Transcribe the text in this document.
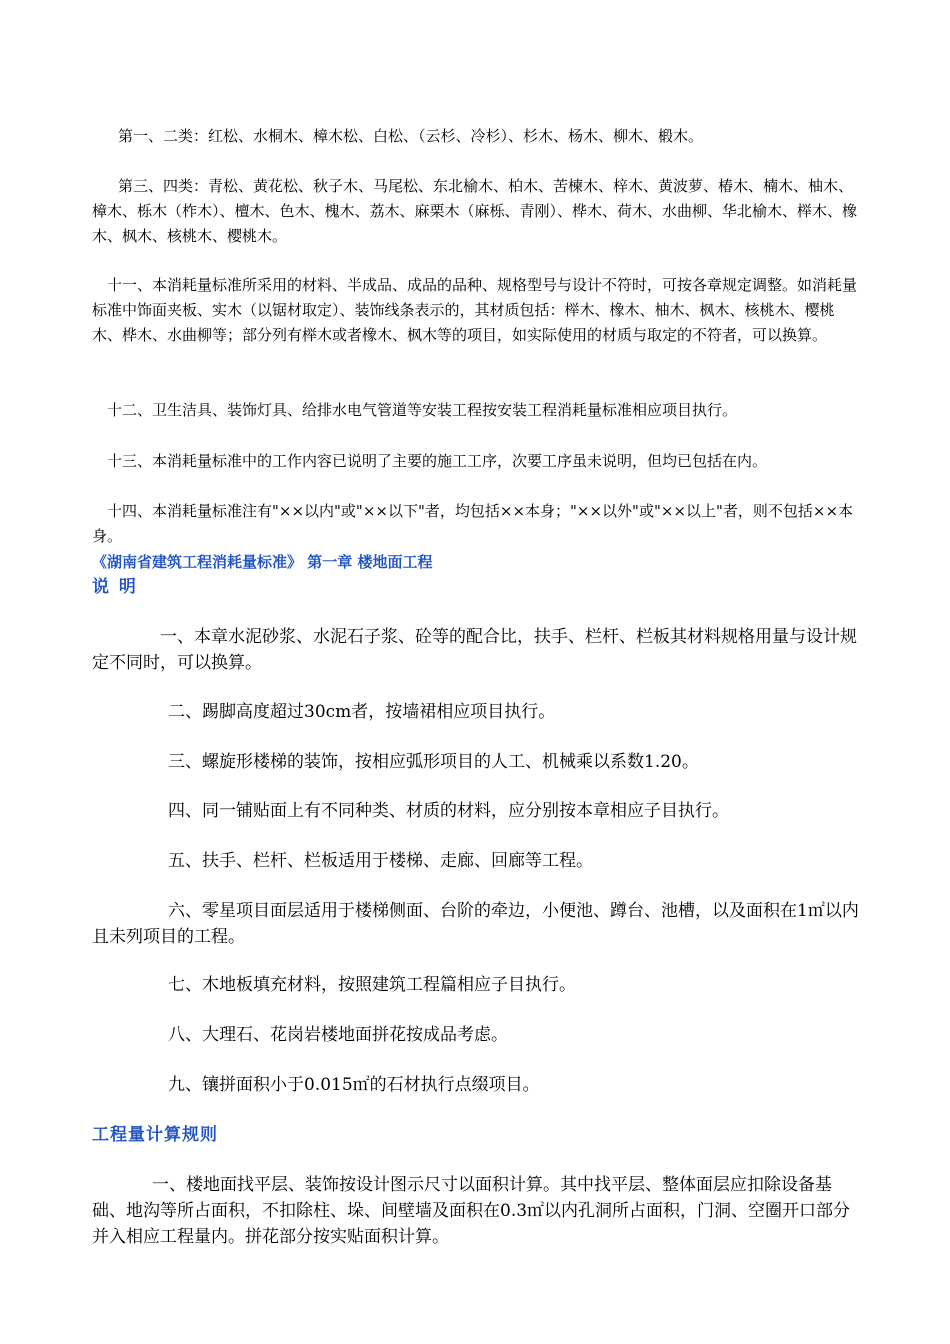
第一、二类：红松、水桐木、樟木松、白松、（云杉、冷杉）、杉木、杨木、柳木、椴木。

第三、四类：青松、黄花松、秋子木、马尾松、东北榆木、柏木、苦楝木、梓木、黄波萝、椿木、楠木、柚木、樟木、栎木（柞木）、檀木、色木、槐木、荔木、麻栗木（麻栎、青刚）、桦木、荷木、水曲柳、华北榆木、榉木、橡木、枫木、核桃木、樱桃木。

十一、本消耗量标准所采用的材料、半成品、成品的品种、规格型号与设计不符时，可按各章规定调整。如消耗量标准中饰面夹板、实木（以锯材取定）、装饰线条表示的，其材质包括：榉木、橡木、柚木、枫木、核桃木、樱桃木、桦木、水曲柳等；部分列有榉木或者橡木、枫木等的项目，如实际使用的材质与取定的不符者，可以换算。

十二、卫生洁具、装饰灯具、给排水电气管道等安装工程按安装工程消耗量标准相应项目执行。

十三、本消耗量标准中的工作内容已说明了主要的施工工序，次要工序虽未说明，但均已包括在内。

十四、本消耗量标准注有"××以内"或"××以下"者，均包括××本身；"××以外"或"××以上"者，则不包括××本身。

《湖南省建筑工程消耗量标准》 第一章 楼地面工程
说 明

一、本章水泥砂浆、水泥石子浆、砼等的配合比，扶手、栏杆、栏板其材料规格用量与设计规定不同时，可以换算。

二、踢脚高度超过30cm者，按墙裙相应项目执行。

三、螺旋形楼梯的装饰，按相应弧形项目的人工、机械乘以系数1.20。

四、同一铺贴面上有不同种类、材质的材料，应分别按本章相应子目执行。

五、扶手、栏杆、栏板适用于楼梯、走廊、回廊等工程。

六、零星项目面层适用于楼梯侧面、台阶的牵边，小便池、蹲台、池槽，以及面积在1㎡以内且未列项目的工程。

七、木地板填充材料，按照建筑工程篇相应子目执行。

八、大理石、花岗岩楼地面拼花按成品考虑。

九、镶拼面积小于0.015㎡的石材执行点缀项目。

工程量计算规则

一、楼地面找平层、装饰按设计图示尺寸以面积计算。其中找平层、整体面层应扣除设备基础、地沟等所占面积，不扣除柱、垛、间壁墙及面积在0.3㎡以内孔洞所占面积，门洞、空圈开口部分并入相应工程量内。拼花部分按实贴面积计算。
